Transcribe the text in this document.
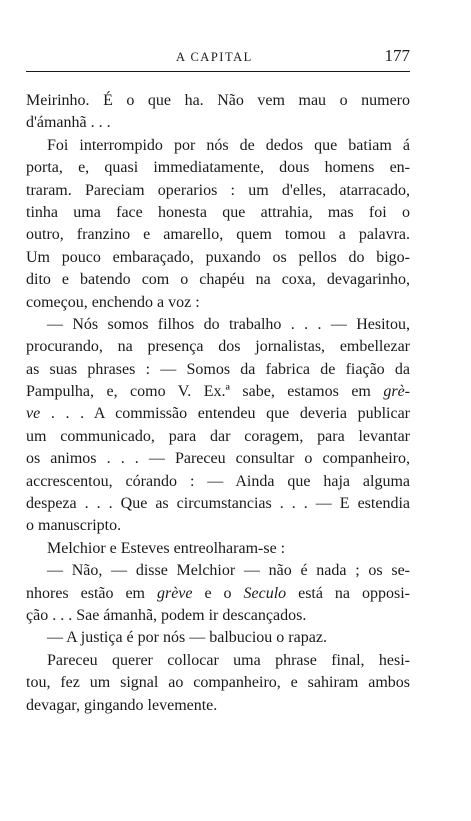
A CAPITAL	177
Meirinho. É o que ha. Não vem mau o numero
d'ámanhã . . .
Foi interrompido por nós de dedos que batiam á
porta, e, quasi immediatamente, dous homens en-
traram. Pareciam operarios : um d'elles, atarracado,
tinha uma face honesta que attrahia, mas foi o
outro, franzino e amarello, quem tomou a palavra.
Um pouco embaraçado, puxando os pellos do bigo-
dito e batendo com o chapéu na coxa, devagarinho,
começou, enchendo a voz :
— Nós somos filhos do trabalho . . . — Hesitou,
procurando, na presença dos jornalistas, embellezar
as suas phrases : — Somos da fabrica de fiação da
Pampulha, e, como V. Ex.ª sabe, estamos em grè-
ve . . . A commissão entendeu que deveria publicar
um communicado, para dar coragem, para levantar
os animos . . . — Pareceu consultar o companheiro,
accrescentou, córando : — Ainda que haja alguma
despeza . . . Que as circumstancias . . . — E estendia
o manuscripto.
Melchior e Esteves entreolharam-se :
— Não, — disse Melchior — não é nada ; os se-
nhores estão em grève e o Seculo está na opposi-
ção . . . Sae ámanhã, podem ir descançados.
— A justiça é por nós — balbuciou o rapaz.
Pareceu querer collocar uma phrase final, hesi-
tou, fez um signal ao companheiro, e sahiram ambos
devagar, gingando levemente.
